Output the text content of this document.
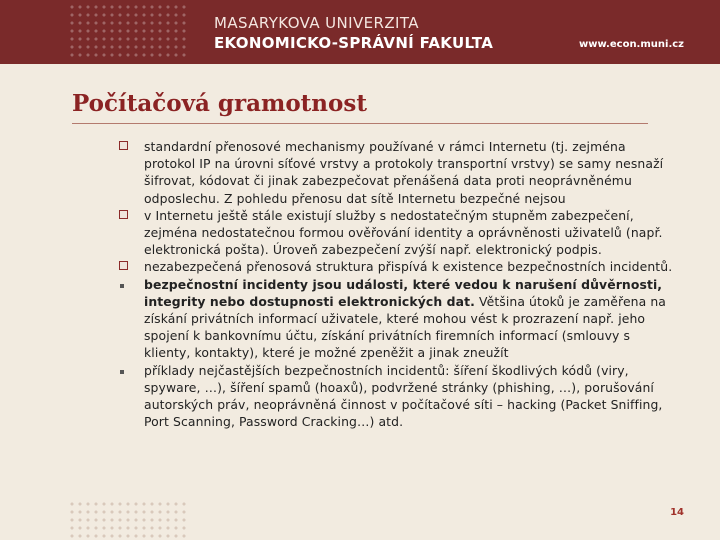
MASARYKOVA UNIVERZITA
EKONOMICKO-SPRÁVNÍ FAKULTA	www.econ.muni.cz
Počítačová gramotnost
standardní přenosové mechanismy používané v rámci Internetu (tj. zejména protokol IP na úrovni síťové vrstvy a protokoly transportní vrstvy) se samy nesnaží šifrovat, kódovat či jinak zabezpečovat přenášená data proti neoprávněnému odposlechu. Z pohledu přenosu dat sítě Internetu bezpečné nejsou
v Internetu ještě stále existují služby s nedostatečným stupněm zabezpečení, zejména nedostatečnou formou ověřování identity a oprávněnosti uživatelů (např. elektronická pošta). Úroveň zabezpečení zvýší např. elektronický podpis.
nezabezpečená přenosová struktura přispívá k existence bezpečnostních incidentů.
bezpečnostní incidenty jsou události, které vedou k narušení důvěrnosti, integrity nebo dostupnosti elektronických dat. Většina útoků je zaměřena na získání privátních informací uživatele, které mohou vést k prozrazení např. jeho spojení k bankovnímu účtu, získání privátních firemních informací (smlouvy s klienty, kontakty), které je možné zpeněžit a jinak zneužít
příklady nejčastějších bezpečnostních incidentů: šíření škodlivých kódů (viry, spyware, …), šíření spamů (hoaxů), podvržené stránky (phishing, …), porušování autorských práv, neoprávněná činnost v počítačové síti – hacking (Packet Sniffing, Port Scanning, Password Cracking…) atd.
14
